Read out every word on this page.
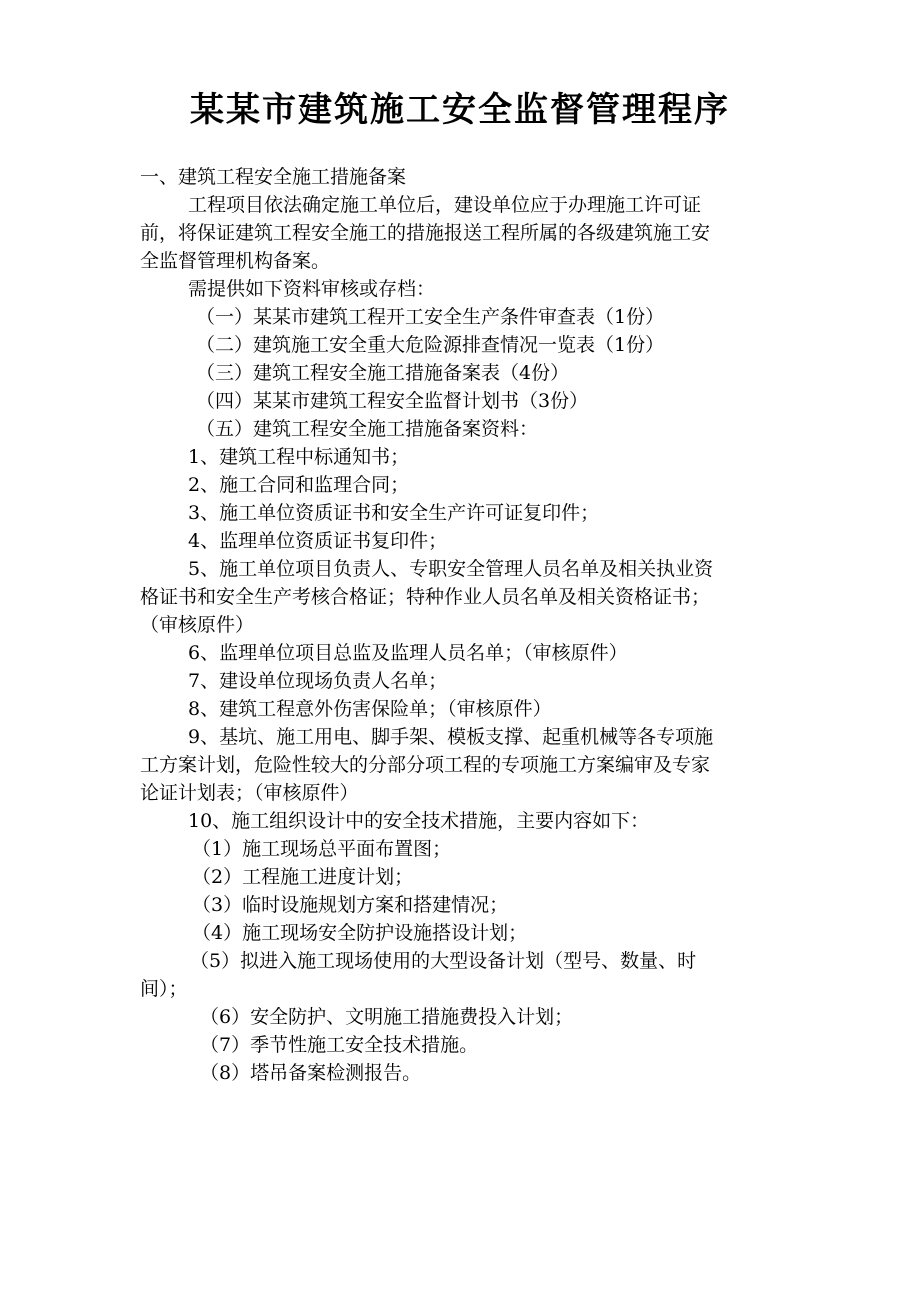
某某市建筑施工安全监督管理程序
一、建筑工程安全施工措施备案
工程项目依法确定施工单位后，建设单位应于办理施工许可证
前，将保证建筑工程安全施工的措施报送工程所属的各级建筑施工安
全监督管理机构备案。
需提供如下资料审核或存档：
（一）某某市建筑工程开工安全生产条件审查表（1份）
（二）建筑施工安全重大危险源排查情况一览表（1份）
（三）建筑工程安全施工措施备案表（4份）
（四）某某市建筑工程安全监督计划书（3份）
（五）建筑工程安全施工措施备案资料：
1、建筑工程中标通知书；
2、施工合同和监理合同；
3、施工单位资质证书和安全生产许可证复印件；
4、监理单位资质证书复印件；
5、施工单位项目负责人、专职安全管理人员名单及相关执业资
格证书和安全生产考核合格证；特种作业人员名单及相关资格证书；
（审核原件）
6、监理单位项目总监及监理人员名单；（审核原件）
7、建设单位现场负责人名单；
8、建筑工程意外伤害保险单；（审核原件）
9、基坑、施工用电、脚手架、模板支撑、起重机械等各专项施
工方案计划，危险性较大的分部分项工程的专项施工方案编审及专家
论证计划表；（审核原件）
10、施工组织设计中的安全技术措施，主要内容如下：
（1）施工现场总平面布置图；
（2）工程施工进度计划；
（3）临时设施规划方案和搭建情况；
（4）施工现场安全防护设施搭设计划；
（5）拟进入施工现场使用的大型设备计划（型号、数量、时
间）；
（6）安全防护、文明施工措施费投入计划；
（7）季节性施工安全技术措施。
（8）塔吊备案检测报告。
